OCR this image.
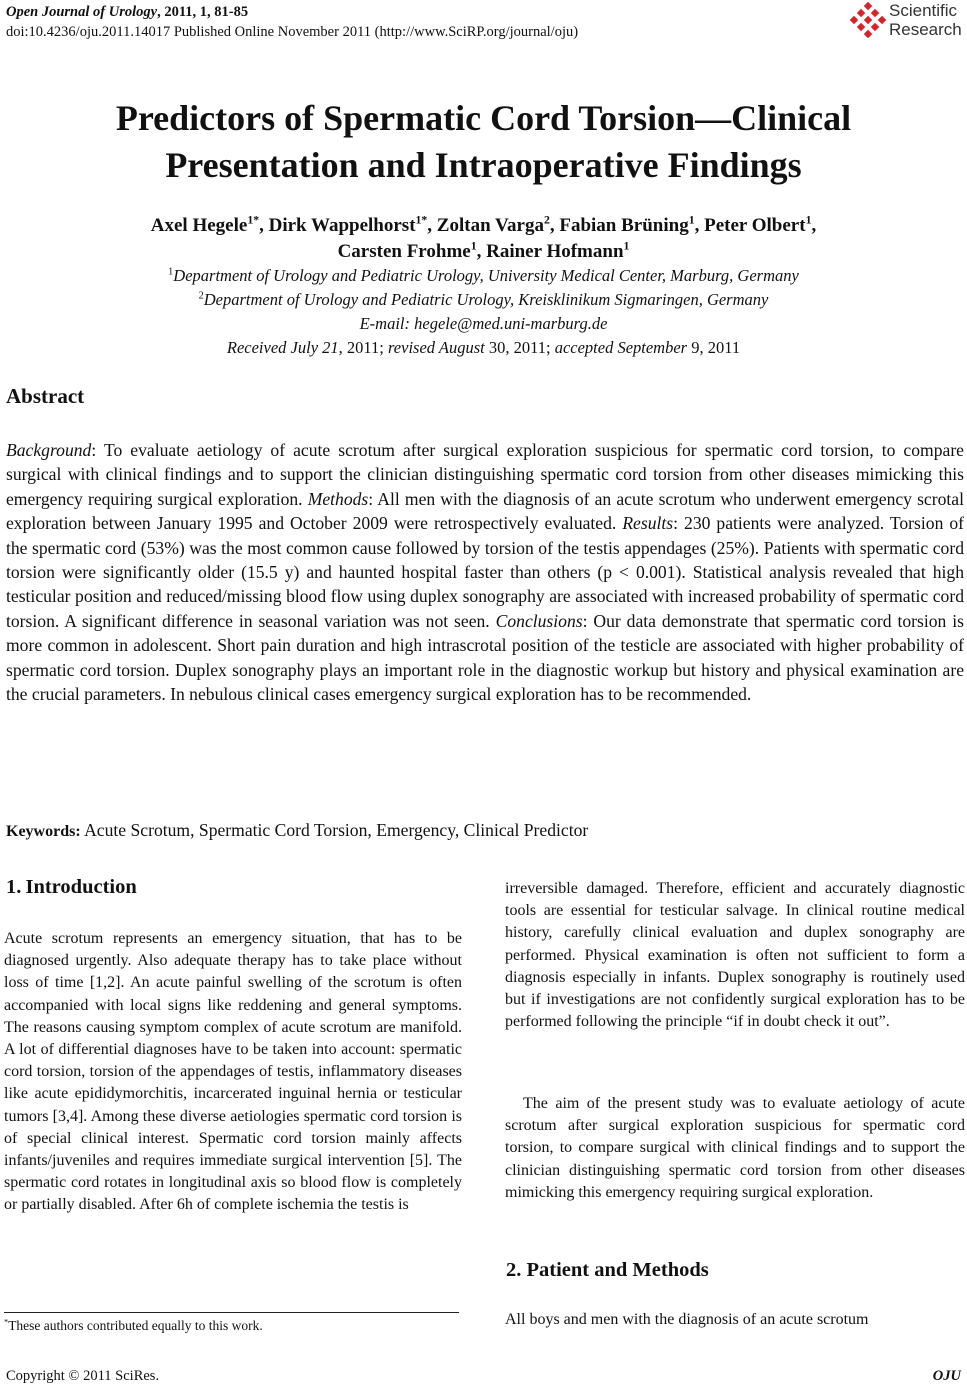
Open Journal of Urology, 2011, 1, 81-85
doi:10.4236/oju.2011.14017 Published Online November 2011 (http://www.SciRP.org/journal/oju)
Scientific
Research
Predictors of Spermatic Cord Torsion—Clinical Presentation and Intraoperative Findings
Axel Hegele$^{1*}$, Dirk Wappelhorst$^{1*}$, Zoltan Varga$^2$, Fabian Brüning$^1$, Peter Olbert$^1$,
Carsten Frohme$^1$, Rainer Hofmann$^1$
$^1$Department of Urology and Pediatric Urology, University Medical Center, Marburg, Germany
$^2$Department of Urology and Pediatric Urology, Kreisklinikum Sigmaringen, Germany
E-mail: hegele@med.uni-marburg.de
Received July 21, 2011; revised August 30, 2011; accepted September 9, 2011
Abstract
Background: To evaluate aetiology of acute scrotum after surgical exploration suspicious for spermatic cord torsion, to compare surgical with clinical findings and to support the clinician distinguishing spermatic cord torsion from other diseases mimicking this emergency requiring surgical exploration. Methods: All men with the diagnosis of an acute scrotum who underwent emergency scrotal exploration between January 1995 and October 2009 were retrospectively evaluated. Results: 230 patients were analyzed. Torsion of the spermatic cord (53%) was the most common cause followed by torsion of the testis appendages (25%). Patients with spermatic cord torsion were significantly older (15.5 y) and haunted hospital faster than others (p < 0.001). Statistical analysis revealed that high testicular position and reduced/missing blood flow using duplex sonography are associated with increased probability of spermatic cord torsion. A significant difference in seasonal variation was not seen. Conclusions: Our data demonstrate that spermatic cord torsion is more common in adolescent. Short pain duration and high intrascrotal position of the testicle are associated with higher probability of spermatic cord torsion. Duplex sonography plays an important role in the diagnostic workup but history and physical examination are the crucial parameters. In nebulous clinical cases emergency surgical exploration has to be recommended.
Keywords: Acute Scrotum, Spermatic Cord Torsion, Emergency, Clinical Predictor
1. Introduction
Acute scrotum represents an emergency situation, that has to be diagnosed urgently. Also adequate therapy has to take place without loss of time [1,2]. An acute painful swelling of the scrotum is often accompanied with local signs like reddening and general symptoms. The reasons causing symptom complex of acute scrotum are manifold. A lot of differential diagnoses have to be taken into account: spermatic cord torsion, torsion of the appendages of testis, inflammatory diseases like acute epididymorchitis, incarcerated inguinal hernia or testicular tumors [3,4]. Among these diverse aetiologies spermatic cord torsion is of special clinical interest. Spermatic cord torsion mainly affects infants/juveniles and requires immediate surgical intervention [5]. The spermatic cord rotates in longitudinal axis so blood flow is completely or partially disabled. After 6h of complete ischemia the testis is
irreversible damaged. Therefore, efficient and accurately diagnostic tools are essential for testicular salvage. In clinical routine medical history, carefully clinical evaluation and duplex sonography are performed. Physical examination is often not sufficient to form a diagnosis especially in infants. Duplex sonography is routinely used but if investigations are not confidently surgical exploration has to be performed following the principle “if in doubt check it out”.
The aim of the present study was to evaluate aetiology of acute scrotum after surgical exploration suspicious for spermatic cord torsion, to compare surgical with clinical findings and to support the clinician distinguishing spermatic cord torsion from other diseases mimicking this emergency requiring surgical exploration.
2. Patient and Methods
All boys and men with the diagnosis of an acute scrotum
*These authors contributed equally to this work.
Copyright © 2011 SciRes.	OJU
